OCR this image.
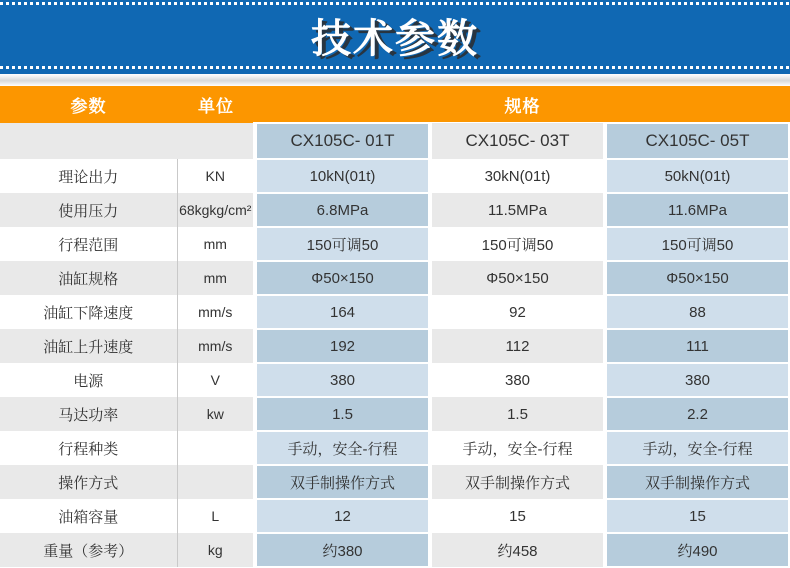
技术参数
参数	单位	规格		
		CX105C- 01T	CX105C- 03T	CX105C- 05T
理论出力	KN	10kN(01t)	30kN(01t)	50kN(01t)
使用压力	68kgkg/cm²	6.8MPa	11.5MPa	11.6MPa
行程范围	mm	150可调50	150可调50	150可调50
油缸规格	mm	Φ50×150	Φ50×150	Φ50×150
油缸下降速度	mm/s	164	92	88
油缸上升速度	mm/s	192	112	111
电源	V	380	380	380
马达功率	kw	1.5	1.5	2.2
行程种类		手动，安全-行程	手动，安全-行程	手动，安全-行程
操作方式		双手制操作方式	双手制操作方式	双手制操作方式
油箱容量	L	12	15	15
重量（参考）	kg	约380	约458	约490
